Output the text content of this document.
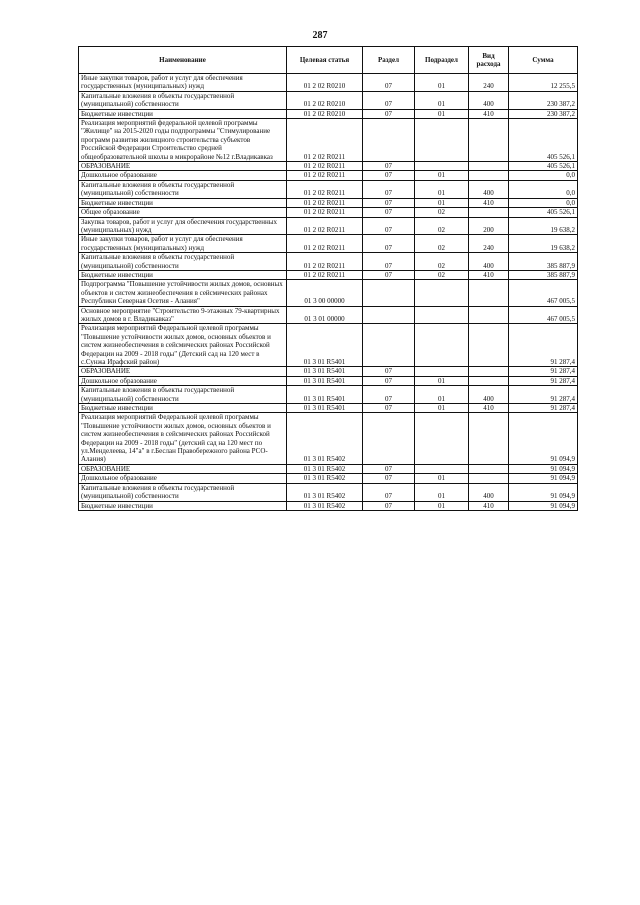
287
Наименование	Целевая статья	Раздел	Подраздел	Вид расхода	Сумма
Иные закупки товаров, работ и услуг для обеспечения государственных (муниципальных) нужд	01 2 02 R0210	07	01	240	12 255,5
Капитальные вложения в объекты государственной (муниципальной) собственности	01 2 02 R0210	07	01	400	230 387,2
Бюджетные инвестиции	01 2 02 R0210	07	01	410	230 387,2
Реализация мероприятий федеральной целевой программы "Жилище" на 2015-2020 годы подпрограммы "Стимулирование программ развития жилищного строительства субъектов Российской Федерации Строительство средней общеобразовательной школы в микрорайоне №12 г.Владикавказ	01 2 02 R0211				405 526,1
ОБРАЗОВАНИЕ	01 2 02 R0211	07			405 526,1
Дошкольное образование	01 2 02 R0211	07	01		0,0
Капитальные вложения в объекты государственной (муниципальной) собственности	01 2 02 R0211	07	01	400	0,0
Бюджетные инвестиции	01 2 02 R0211	07	01	410	0,0
Общее образование	01 2 02 R0211	07	02		405 526,1
Закупка товаров, работ и услуг для обеспечения государственных (муниципальных) нужд	01 2 02 R0211	07	02	200	19 638,2
Иные закупки товаров, работ и услуг для обеспечения государственных (муниципальных) нужд	01 2 02 R0211	07	02	240	19 638,2
Капитальные вложения в объекты государственной (муниципальной) собственности	01 2 02 R0211	07	02	400	385 887,9
Бюджетные инвестиции	01 2 02 R0211	07	02	410	385 887,9
Подпрограмма "Повышение устойчивости жилых домов, основных объектов и систем жизнеобеспечения в сейсмических районах Республики Северная Осетия - Алания"	01 3 00 00000				467 005,5
Основное мероприятие "Строительство 9-этажных 79-квартирных жилых домов в г. Владикавказ"	01 3 01 00000				467 005,5
Реализация мероприятий Федеральной целевой программы "Повышение устойчивости жилых домов, основных объектов и систем жизнеобеспечения в сейсмических районах Российской Федерации на 2009 - 2018 годы" (Детский сад на 120 мест в с.Сунжа Ирафский район)	01 3 01 R5401				91 287,4
ОБРАЗОВАНИЕ	01 3 01 R5401	07			91 287,4
Дошкольное образование	01 3 01 R5401	07	01		91 287,4
Капитальные вложения в объекты государственной (муниципальной) собственности	01 3 01 R5401	07	01	400	91 287,4
Бюджетные инвестиции	01 3 01 R5401	07	01	410	91 287,4
Реализация мероприятий Федеральной целевой программы "Повышение устойчивости жилых домов, основных объектов и систем жизнеобеспечения в сейсмических районах Российской Федерации на 2009 - 2018 годы" (детский сад на 120 мест по ул.Менделеева, 14"а" в г.Беслан Правобережного района РСО-Алания)	01 3 01 R5402				91 094,9
ОБРАЗОВАНИЕ	01 3 01 R5402	07			91 094,9
Дошкольное образование	01 3 01 R5402	07	01		91 094,9
Капитальные вложения в объекты государственной (муниципальной) собственности	01 3 01 R5402	07	01	400	91 094,9
Бюджетные инвестиции	01 3 01 R5402	07	01	410	91 094,9
